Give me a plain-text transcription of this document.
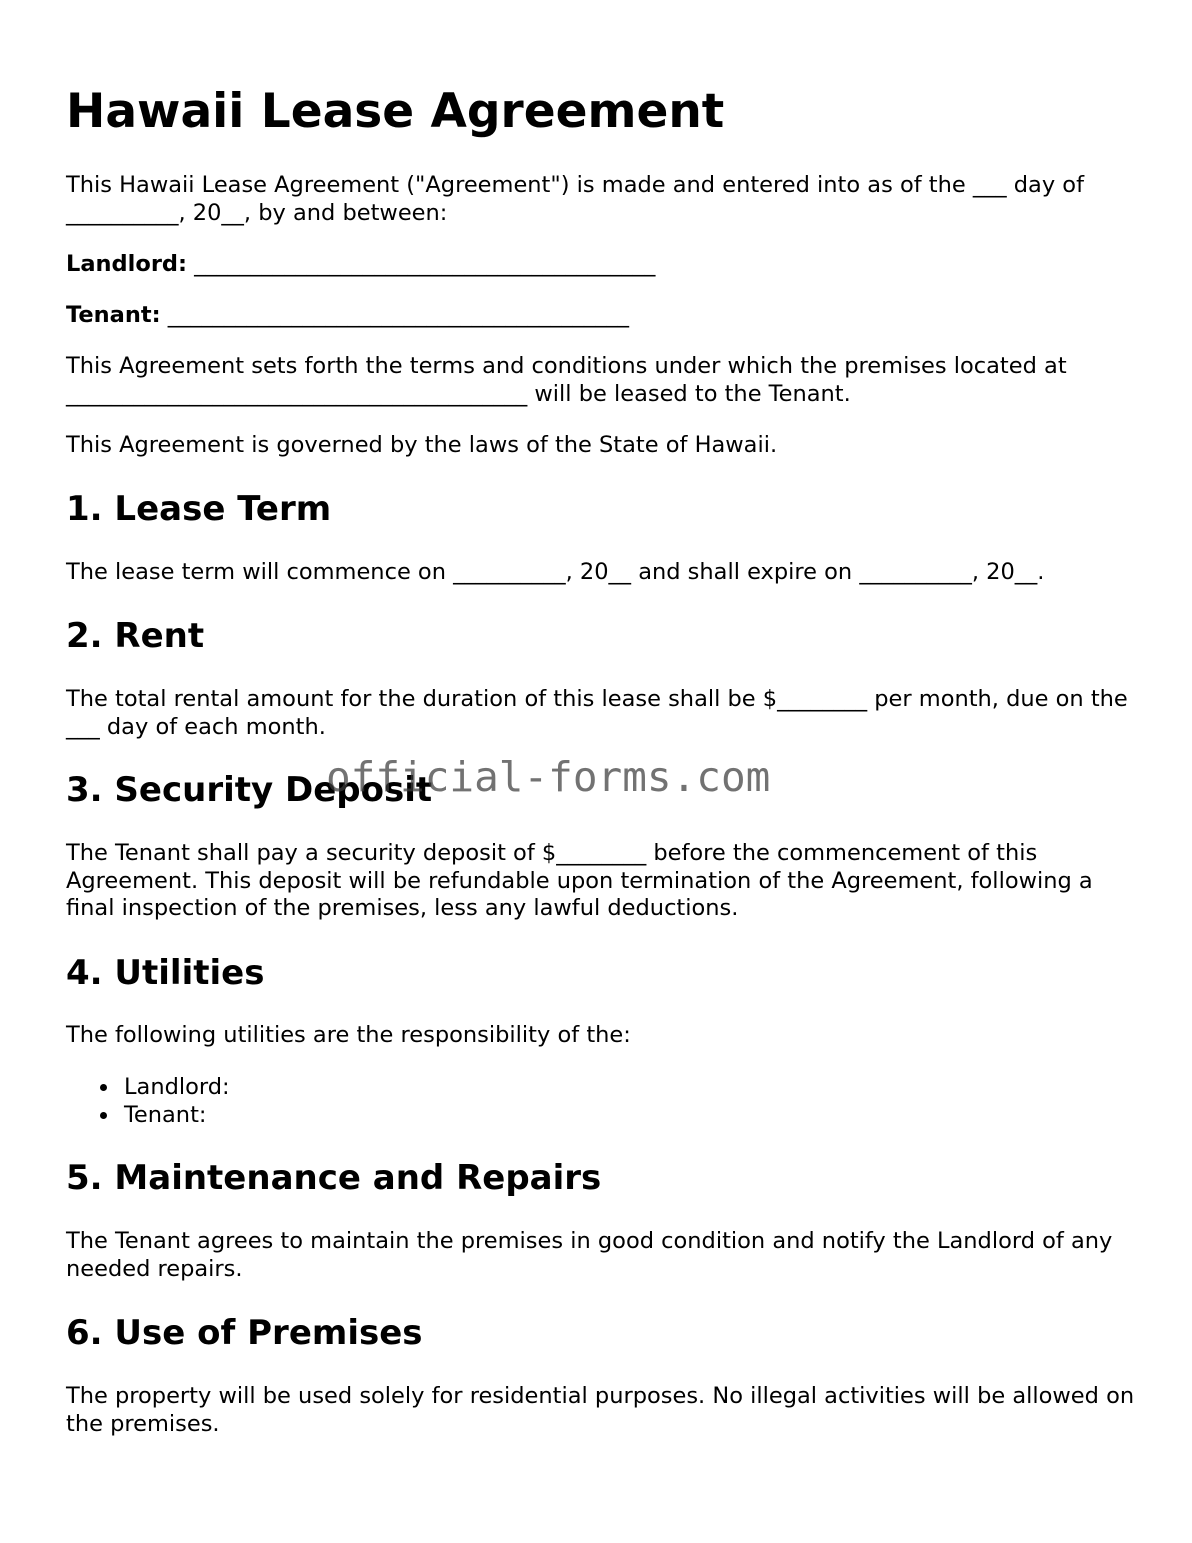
Hawaii Lease Agreement

This Hawaii Lease Agreement ("Agreement") is made and entered into as of the ___ day of __________, 20__, by and between:

Landlord: _________________________________________

Tenant: _________________________________________

This Agreement sets forth the terms and conditions under which the premises located at _________________________________________ will be leased to the Tenant.

This Agreement is governed by the laws of the State of Hawaii.

1. Lease Term

The lease term will commence on __________, 20__ and shall expire on __________, 20__.

2. Rent

The total rental amount for the duration of this lease shall be $________ per month, due on the ___ day of each month.

3. Security Deposit

The Tenant shall pay a security deposit of $________ before the commencement of this Agreement. This deposit will be refundable upon termination of the Agreement, following a final inspection of the premises, less any lawful deductions.

4. Utilities

The following utilities are the responsibility of the:

Landlord:
Tenant:
5. Maintenance and Repairs

The Tenant agrees to maintain the premises in good condition and notify the Landlord of any needed repairs.

6. Use of Premises

The property will be used solely for residential purposes. No illegal activities will be allowed on the premises.

official-forms.com
